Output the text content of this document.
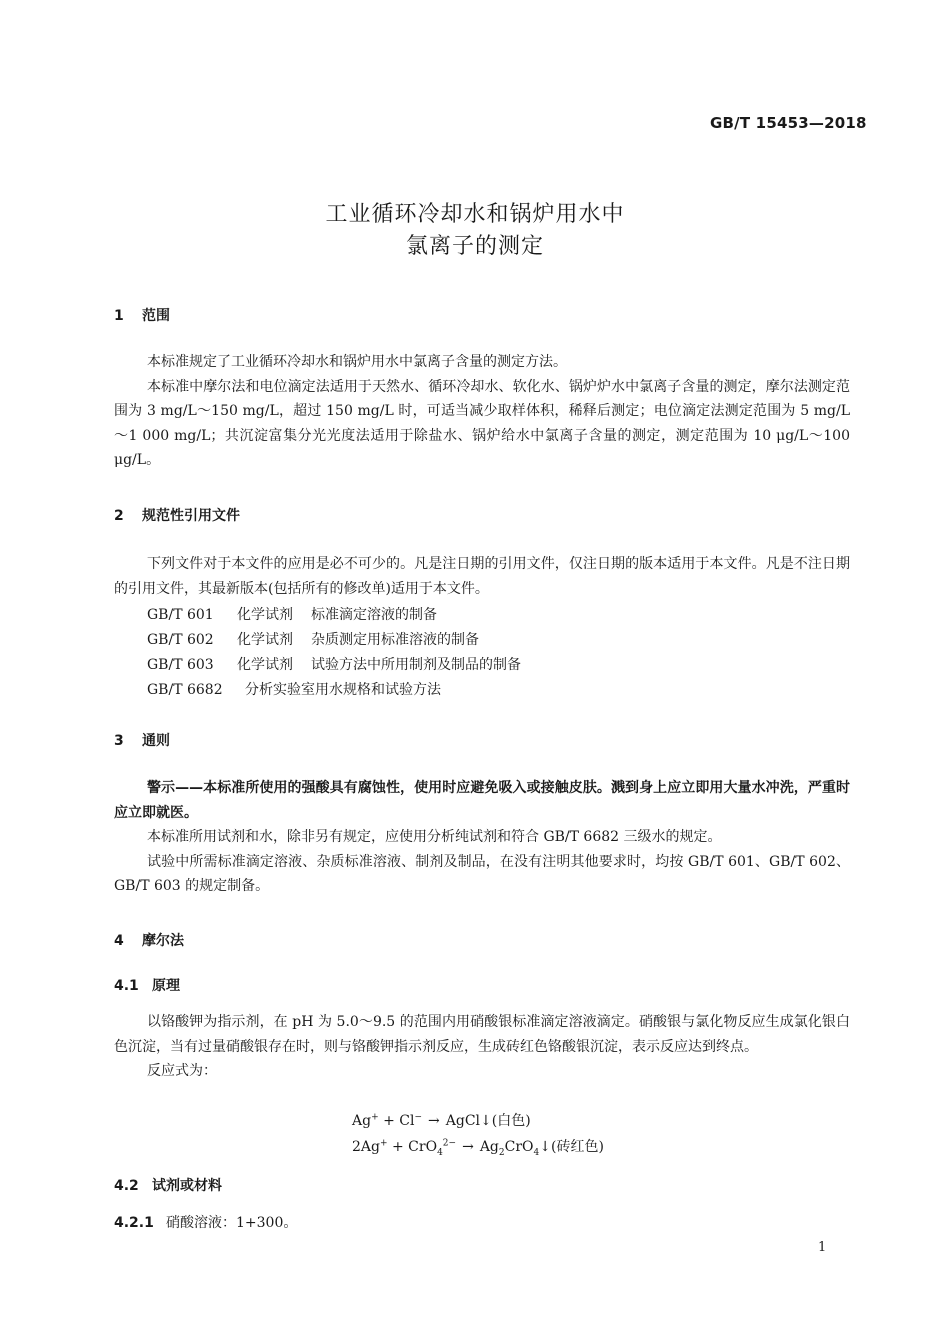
GB/T 15453—2018
工业循环冷却水和锅炉用水中
氯离子的测定
1 范围

本标准规定了工业循环冷却水和锅炉用水中氯离子含量的测定方法。

本标准中摩尔法和电位滴定法适用于天然水、循环冷却水、软化水、锅炉炉水中氯离子含量的测定，摩尔法测定范围为 3 mg/L～150 mg/L，超过 150 mg/L 时，可适当减少取样体积，稀释后测定；电位滴定法测定范围为 5 mg/L～1 000 mg/L；共沉淀富集分光光度法适用于除盐水、锅炉给水中氯离子含量的测定，测定范围为 10 μg/L～100 μg/L。

2 规范性引用文件

下列文件对于本文件的应用是必不可少的。凡是注日期的引用文件，仅注日期的版本适用于本文件。凡是不注日期的引用文件，其最新版本(包括所有的修改单)适用于本文件。

GB/T 601 化学试剂 标准滴定溶液的制备
GB/T 602 化学试剂 杂质测定用标准溶液的制备
GB/T 603 化学试剂 试验方法中所用制剂及制品的制备
GB/T 6682 分析实验室用水规格和试验方法
3 通则

警示——本标准所使用的强酸具有腐蚀性，使用时应避免吸入或接触皮肤。溅到身上应立即用大量水冲洗，严重时应立即就医。

本标准所用试剂和水，除非另有规定，应使用分析纯试剂和符合 GB/T 6682 三级水的规定。

试验中所需标准滴定溶液、杂质标准溶液、制剂及制品，在没有注明其他要求时，均按 GB/T 601、GB/T 602、GB/T 603 的规定制备。

4 摩尔法
4.1 原理

以铬酸钾为指示剂，在 pH 为 5.0～9.5 的范围内用硝酸银标准滴定溶液滴定。硝酸银与氯化物反应生成氯化银白色沉淀，当有过量硝酸银存在时，则与铬酸钾指示剂反应，生成砖红色铬酸银沉淀，表示反应达到终点。

反应式为：

Ag+ + Cl− → AgCl↓(白色)
$2Ag^+ + CrO_4^{2-} \to Ag_2CrO_4↓$(砖红色)
4.2 试剂或材料
4.2.1 硝酸溶液：1+300。
1
